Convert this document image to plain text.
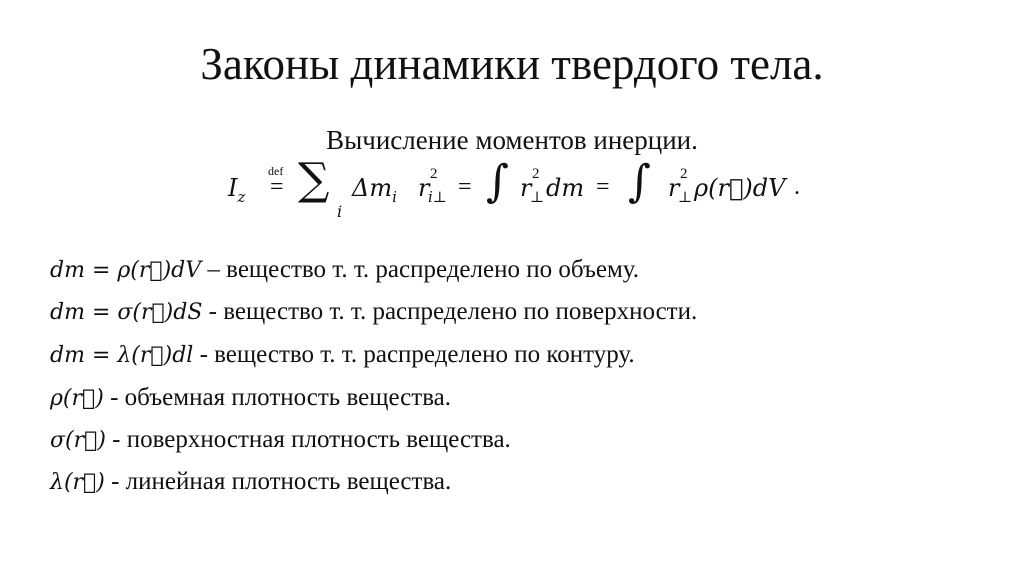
Законы динамики твердого тела.
Вычисление моментов инерции.
$I_z$
def
= ∑
i
$\Delta m_i$ r 2
i⊥ = ∫ r 2
⊥ dm = ∫ r 2
⊥ ρ(r⃗)dV .
dm = ρ(r⃗)dV – вещество т. т. распределено по объему.
dm = σ(r⃗)dS - вещество т. т. распределено по поверхности.
dm = λ(r⃗)dl - вещество т. т. распределено по контуру.
ρ(r⃗) - объемная плотность вещества.
σ(r⃗) - поверхностная плотность вещества.
λ(r⃗) - линейная плотность вещества.
